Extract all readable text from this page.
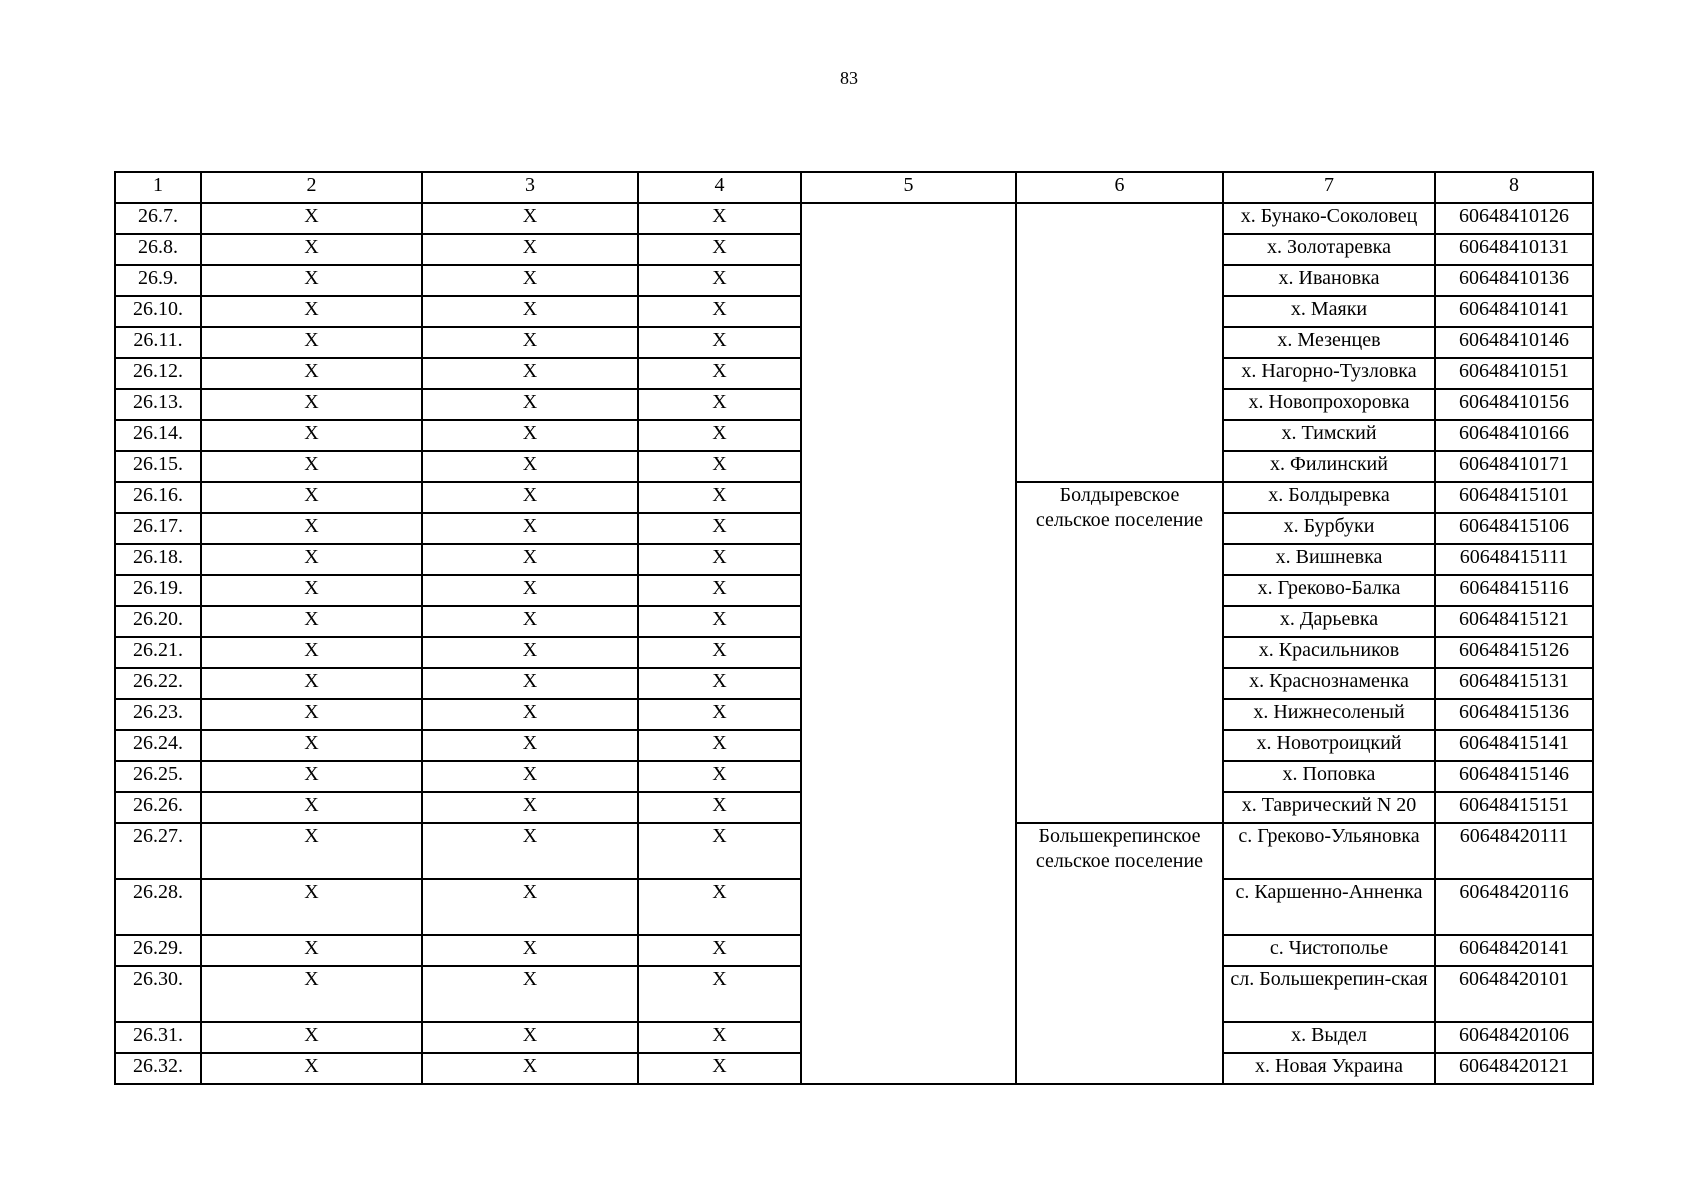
83
1	2	3	4	5	6	7	8
26.7.	X	X	X			х. Бунако-Соколовец	60648410126
26.8.	X	X	X			х. Золотаревка	60648410131
26.9.	X	X	X			х. Ивановка	60648410136
26.10.	X	X	X			х. Маяки	60648410141
26.11.	X	X	X			х. Мезенцев	60648410146
26.12.	X	X	X			х. Нагорно-Тузловка	60648410151
26.13.	X	X	X			х. Новопрохоровка	60648410156
26.14.	X	X	X			х. Тимский	60648410166
26.15.	X	X	X			х. Филинский	60648410171
26.16.	X	X	X		Болдыревское сельское поселение	х. Болдыревка	60648415101
26.17.	X	X	X			х. Бурбуки	60648415106
26.18.	X	X	X			х. Вишневка	60648415111
26.19.	X	X	X			х. Греково-Балка	60648415116
26.20.	X	X	X			х. Дарьевка	60648415121
26.21.	X	X	X			х. Красильников	60648415126
26.22.	X	X	X			х. Краснознаменка	60648415131
26.23.	X	X	X			х. Нижнесоленый	60648415136
26.24.	X	X	X			х. Новотроицкий	60648415141
26.25.	X	X	X			х. Поповка	60648415146
26.26.	X	X	X			х. Таврический N 20	60648415151
26.27.	X	X	X		Большекрепинское сельское поселение	с. Греково-Ульяновка	60648420111
26.28.	X	X	X			с. Каршенно-Анненка	60648420116
26.29.	X	X	X			с. Чистополье	60648420141
26.30.	X	X	X			сл. Большекрепин-ская	60648420101
26.31.	X	X	X			х. Выдел	60648420106
26.32.	X	X	X			х. Новая Украина	60648420121
